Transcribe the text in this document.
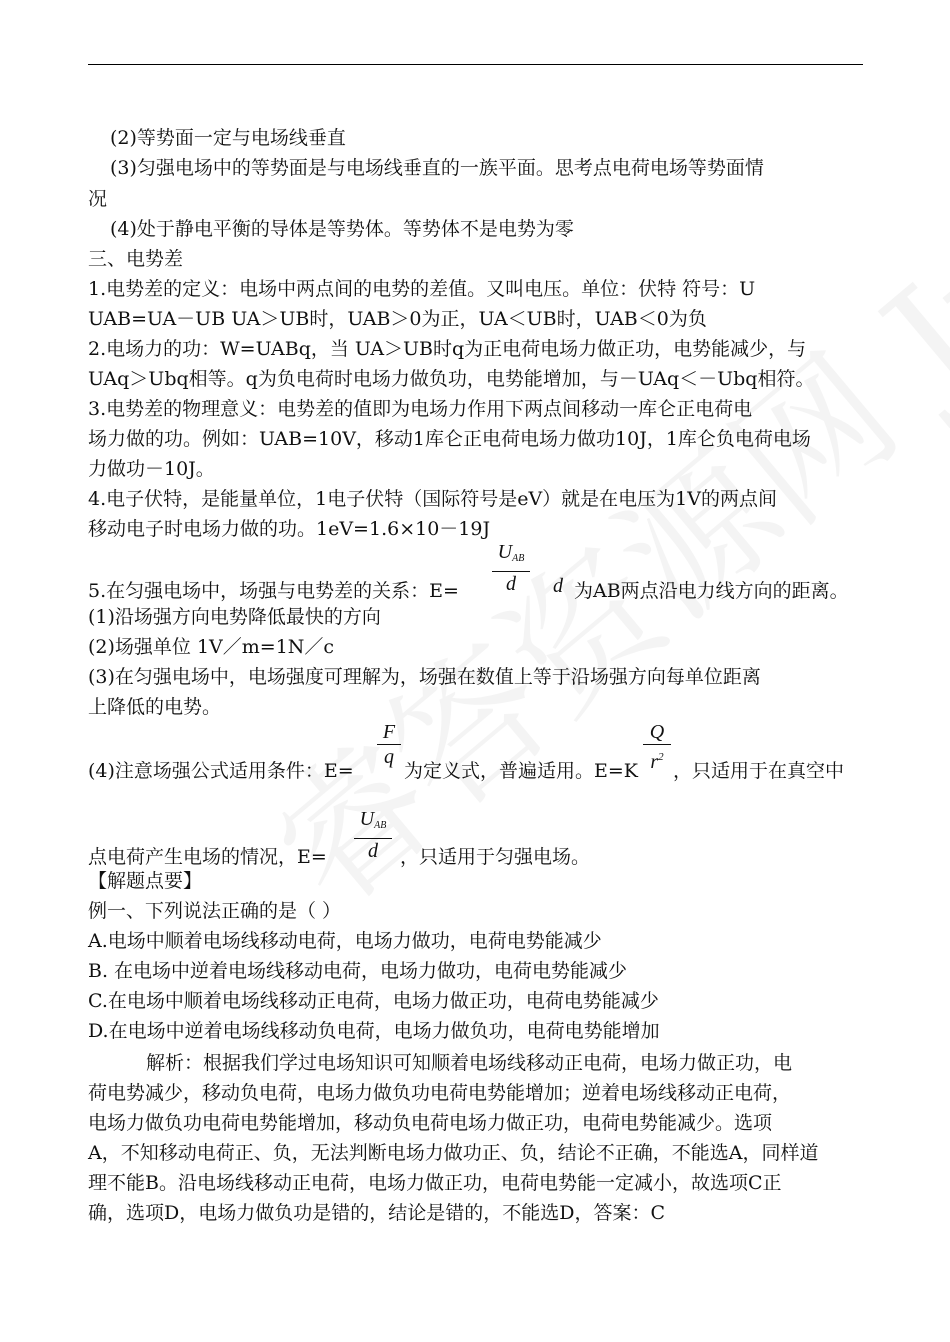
(2)等势面一定与电场线垂直
(3)匀强电场中的等势面是与电场线垂直的一族平面。思考点电荷电场等势面情
况
(4)处于静电平衡的导体是等势体。等势体不是电势为零
三、电势差
1.电势差的定义：电场中两点间的电势的差值。又叫电压。单位：伏特 符号：U
UAB=UA－UB UA＞UB时，UAB＞0为正，UA＜UB时，UAB＜0为负
2.电场力的功：W=UABq，当 UA＞UB时q为正电荷电场力做正功，电势能减少，与
UAq＞Ubq相等。q为负电荷时电场力做负功，电势能增加，与－UAq＜－Ubq相符。
3.电势差的物理意义：电势差的值即为电场力作用下两点间移动一库仑正电荷电
场力做的功。例如：UAB=10V，移动1库仑正电荷电场力做功10J，1库仑负电荷电场
力做功－10J。
4.电子伏特，是能量单位，1电子伏特（国际符号是eV）就是在电压为1V的两点间
移动电子时电场力做的功。1eV=1.6×10－19J
5.在匀强电场中，场强与电势差的关系：E=	为AB两点沿电力线方向的距离。
(1)沿场强方向电势降低最快的方向
(2)场强单位 1V／m=1N／c
(3)在匀强电场中，电场强度可理解为，场强在数值上等于沿场强方向每单位距离
上降低的电势。
(4)注意场强公式适用条件：E=	为定义式，普遍适用。E=K ，只适用于在真空中
点电荷产生电场的情况，E=	，只适用于匀强电场。
【解题点要】
例一、下列说法正确的是（ ）
A.电场中顺着电场线移动电荷，电场力做功，电荷电势能减少
B. 在电场中逆着电场线移动电荷，电场力做功，电荷电势能减少
C.在电场中顺着电场线移动正电荷，电场力做正功，电荷电势能减少
D.在电场中逆着电场线移动负电荷，电场力做负功，电荷电势能增加
解析：根据我们学过电场知识可知顺着电场线移动正电荷，电场力做正功，电
荷电势减少，移动负电荷，电场力做负功电荷电势能增加；逆着电场线移动正电荷，
电场力做负功电荷电势能增加，移动负电荷电场力做正功，电荷电势能减少。选项
A，不知移动电荷正、负，无法判断电场力做功正、负，结论不正确，不能选A，同样道
理不能B。沿电场线移动正电荷，电场力做正功，电荷电势能一定减小，故选项C正
确，选项D，电场力做负功是错的，结论是错的，不能选D，答案：C
$U_{AB}$
d	d
F
q
Q
$r^2$
$U_{AB}$
d
